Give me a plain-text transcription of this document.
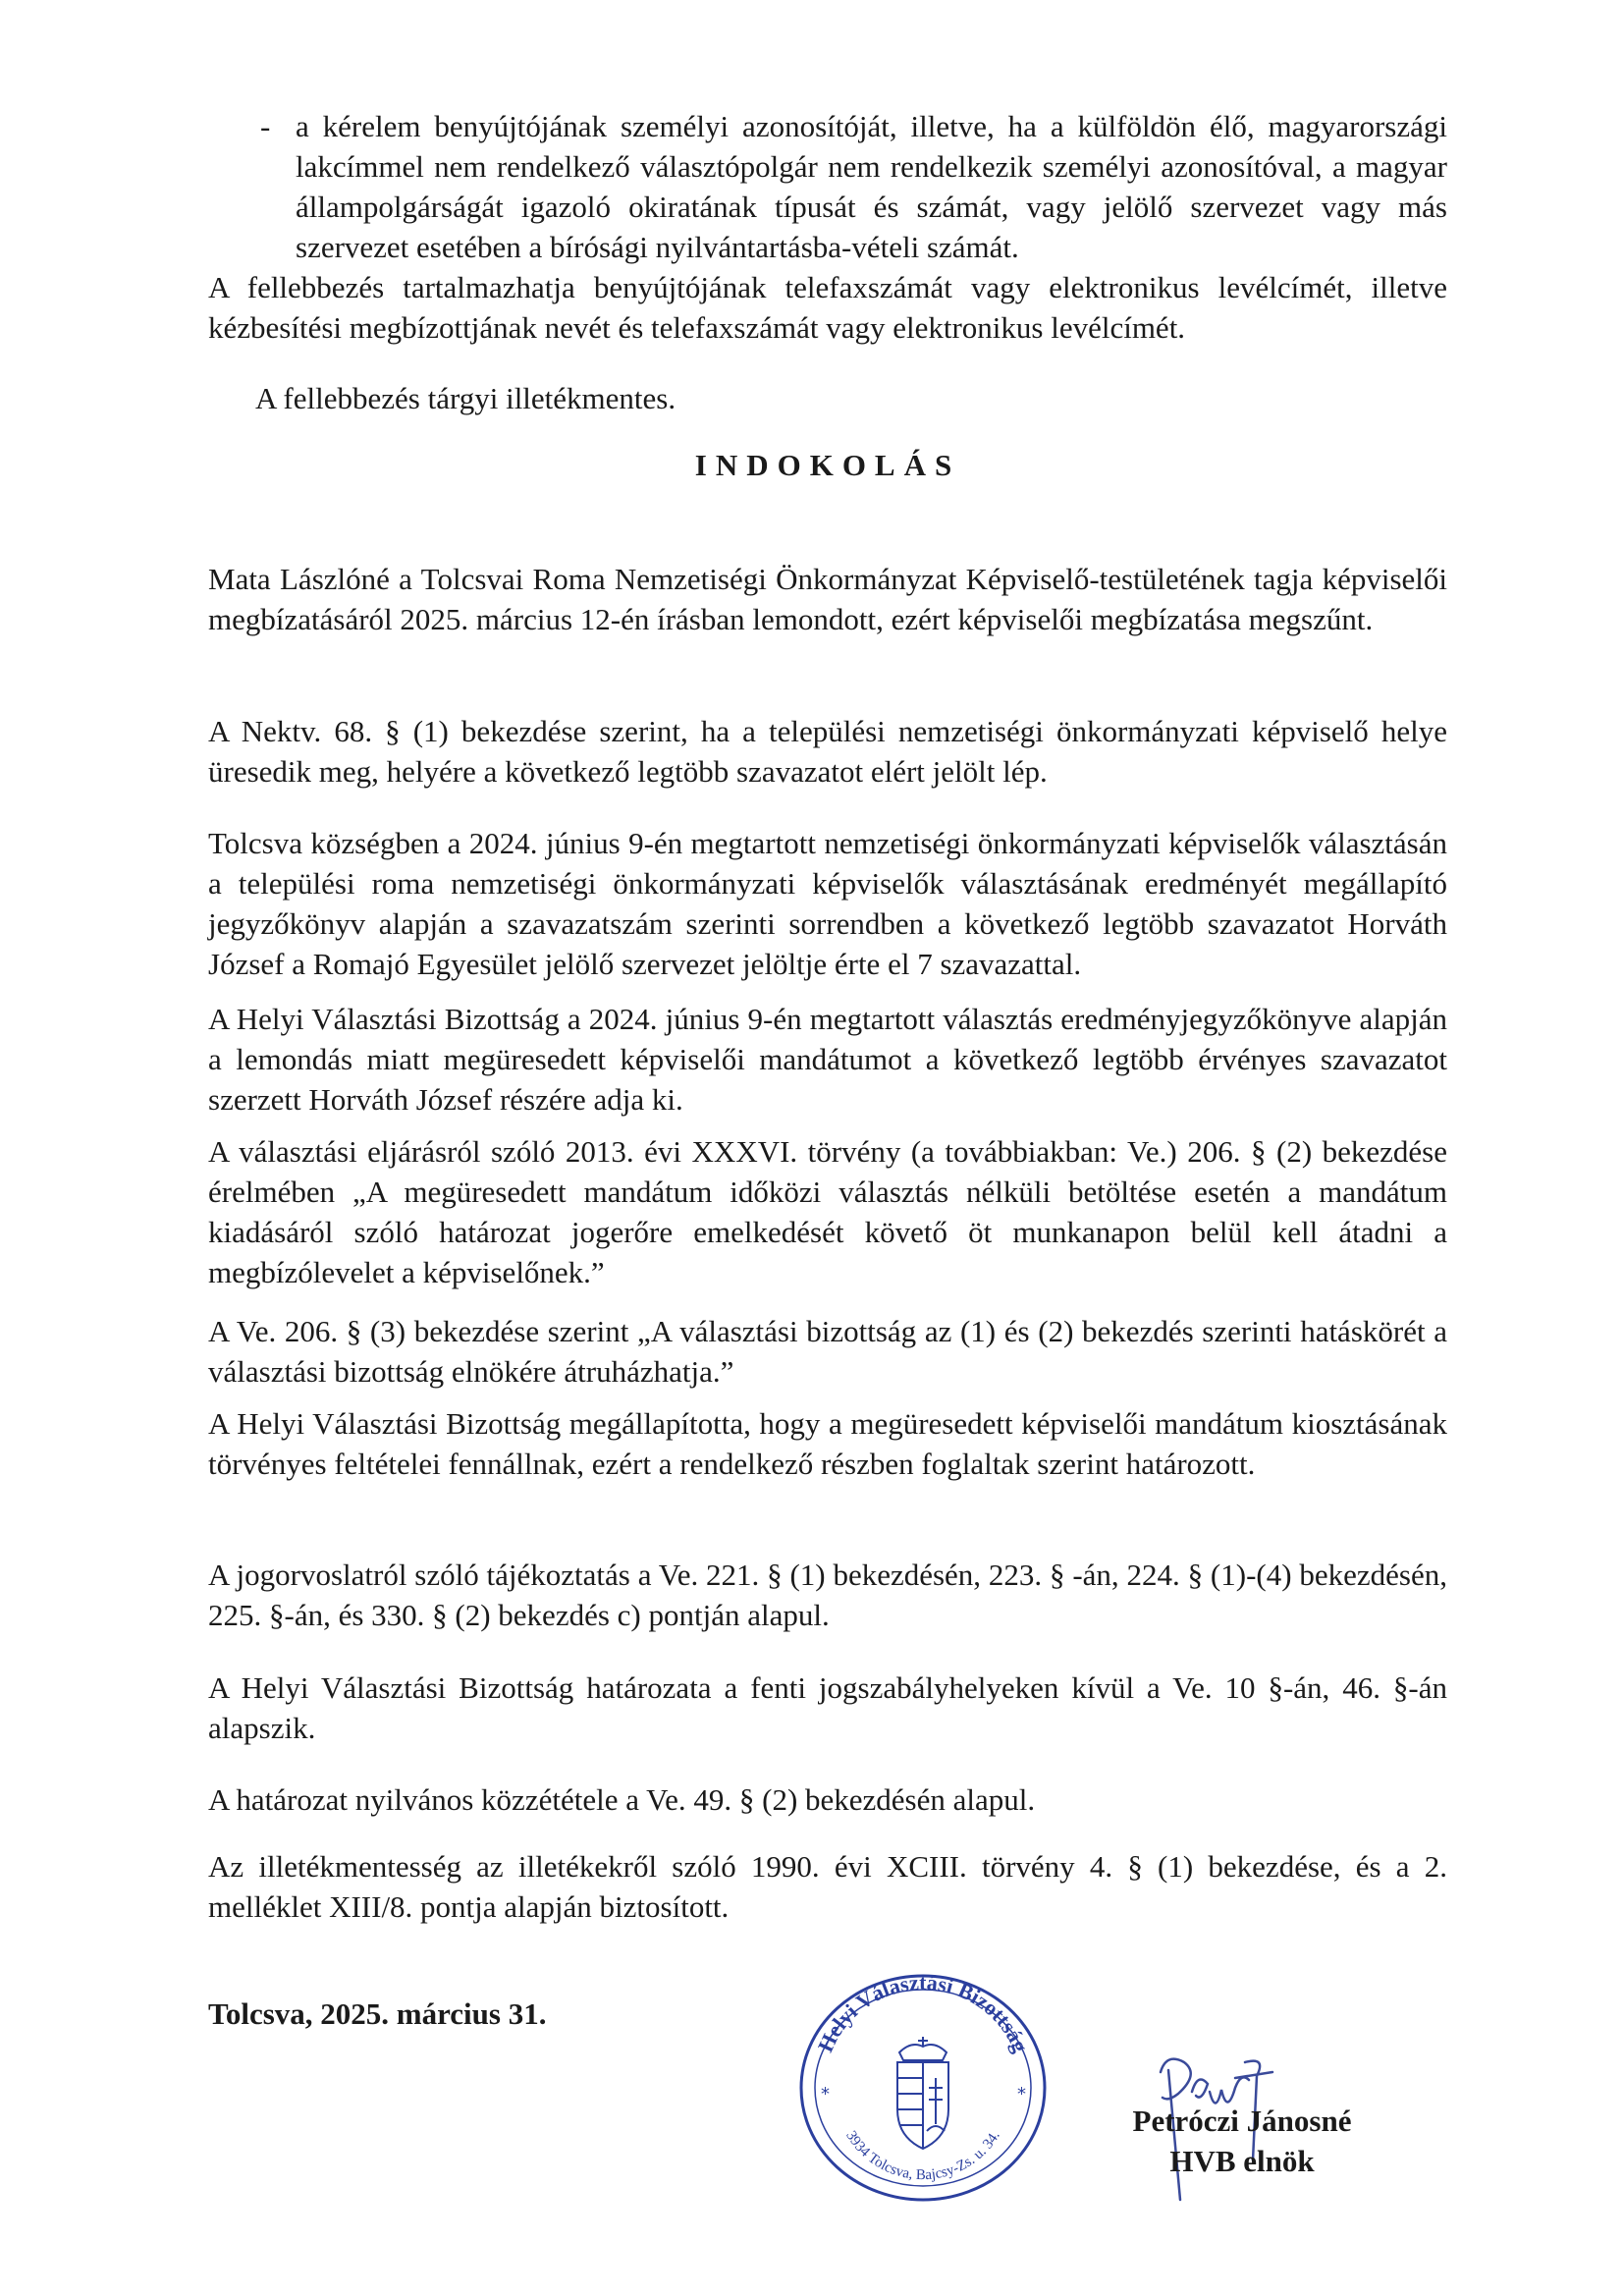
- a kérelem benyújtójának személyi azonosítóját, illetve, ha a külföldön élő, magyarországi lakcímmel nem rendelkező választópolgár nem rendelkezik személyi azonosítóval, a magyar állampolgárságát igazoló okiratának típusát és számát, vagy jelölő szervezet vagy más szervezet esetében a bírósági nyilvántartásba-vételi számát.
A fellebbezés tartalmazhatja benyújtójának telefaxszámát vagy elektronikus levélcímét, illetve kézbesítési megbízottjának nevét és telefaxszámát vagy elektronikus levélcímét.
A fellebbezés tárgyi illetékmentes.
INDOKOLÁS
Mata Lászlóné a Tolcsvai Roma Nemzetiségi Önkormányzat Képviselő-testületének tagja képviselői megbízatásáról 2025. március 12-én írásban lemondott, ezért képviselői megbízatása megszűnt.
A Nektv. 68. § (1) bekezdése szerint, ha a települési nemzetiségi önkormányzati képviselő helye üresedik meg, helyére a következő legtöbb szavazatot elért jelölt lép.
Tolcsva községben a 2024. június 9-én megtartott nemzetiségi önkormányzati képviselők választásán a települési roma nemzetiségi önkormányzati képviselők választásának eredményét megállapító jegyzőkönyv alapján a szavazatszám szerinti sorrendben a következő legtöbb szavazatot Horváth József a Romajó Egyesület jelölő szervezet jelöltje érte el 7 szavazattal.
A Helyi Választási Bizottság a 2024. június 9-én megtartott választás eredményjegyzőkönyve alapján a lemondás miatt megüresedett képviselői mandátumot a következő legtöbb érvényes szavazatot szerzett Horváth József részére adja ki.
A választási eljárásról szóló 2013. évi XXXVI. törvény (a továbbiakban: Ve.) 206. § (2) bekezdése érelmében „A megüresedett mandátum időközi választás nélküli betöltése esetén a mandátum kiadásáról szóló határozat jogerőre emelkedését követő öt munkanapon belül kell átadni a megbízólevelet a képviselőnek.”
A Ve. 206. § (3) bekezdése szerint „A választási bizottság az (1) és (2) bekezdés szerinti hatáskörét a választási bizottság elnökére átruházhatja.”
A Helyi Választási Bizottság megállapította, hogy a megüresedett képviselői mandátum kiosztásának törvényes feltételei fennállnak, ezért a rendelkező részben foglaltak szerint határozott.
A jogorvoslatról szóló tájékoztatás a Ve. 221. § (1) bekezdésén, 223. § -án, 224. § (1)-(4) bekezdésén, 225. §-án, és 330. § (2) bekezdés c) pontján alapul.
A Helyi Választási Bizottság határozata a fenti jogszabályhelyeken kívül a Ve. 10 §-án, 46. §-án alapszik.
A határozat nyilvános közzététele a Ve. 49. § (2) bekezdésén alapul.
Az illetékmentesség az illetékekről szóló 1990. évi XCIII. törvény 4. § (1) bekezdése, és a 2. melléklet XIII/8. pontja alapján biztosított.
Tolcsva, 2025. március 31.
Helyi Választási Bizottság
3934 Tolcsva, Bajcsy-Zs. u. 34.
*	*
Petróczi Jánosné
HVB elnök
